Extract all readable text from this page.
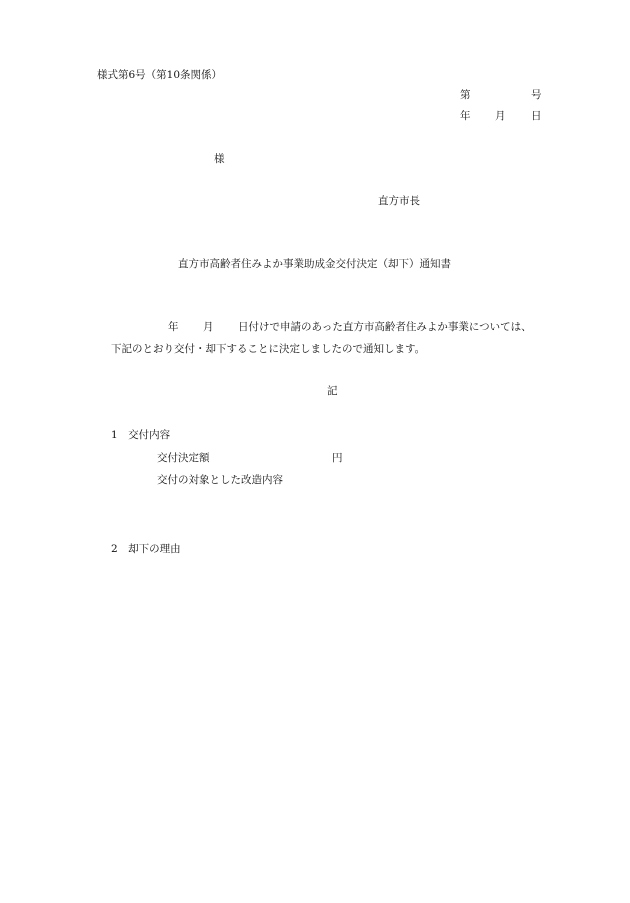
様式第6号（第10条関係）
第	号
年 月 日
様
直方市長
直方市高齢者住みよか事業助成金交付決定（却下）通知書
年 月 日付けで申請のあった直方市高齢者住みよか事業については、
下記のとおり交付・却下することに決定しましたので通知します。
記
1　交付内容
交付決定額	円
交付の対象とした改造内容
2　却下の理由
